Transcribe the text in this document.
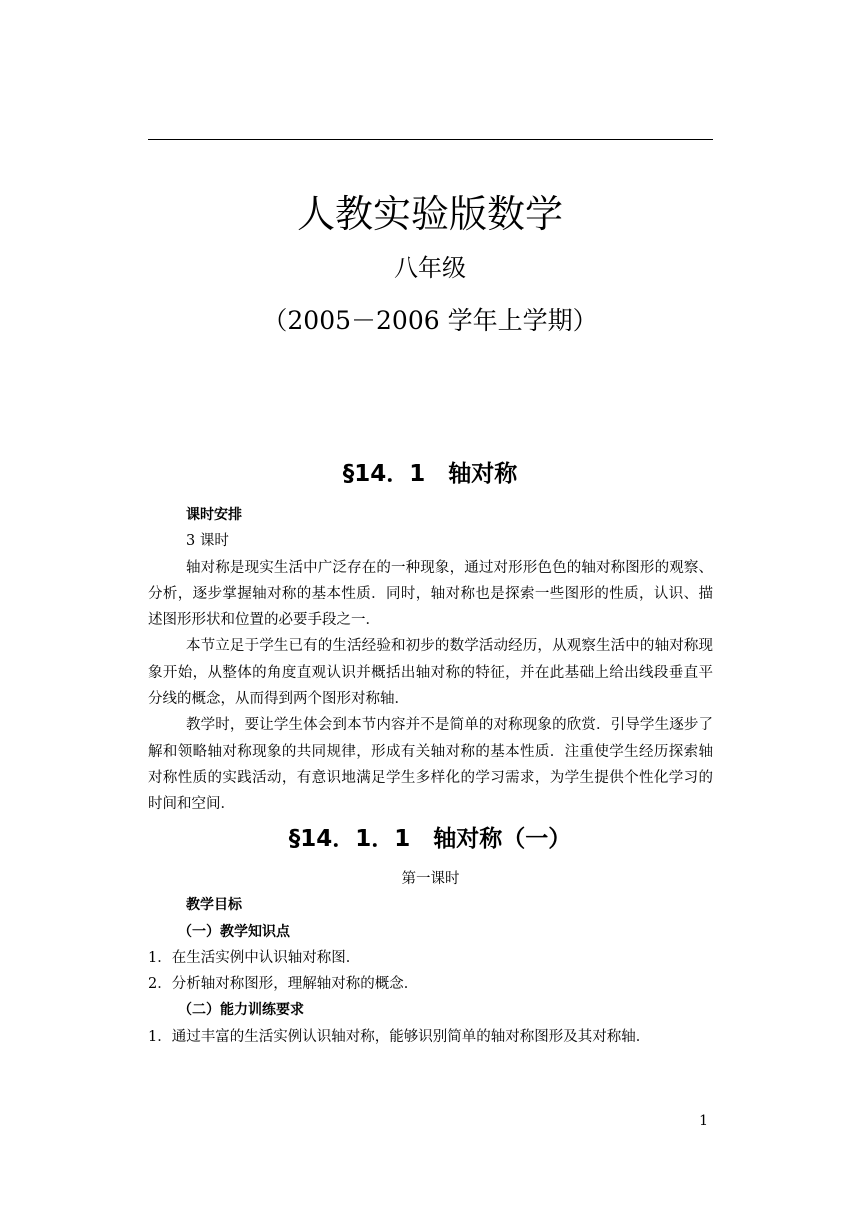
人教实验版数学
八年级
（2005－2006 学年上学期）
§14．1　轴对称

课时安排

3 课时

轴对称是现实生活中广泛存在的一种现象，通过对形形色色的轴对称图形的观察、分析，逐步掌握轴对称的基本性质．同时，轴对称也是探索一些图形的性质，认识、描述图形形状和位置的必要手段之一．

本节立足于学生已有的生活经验和初步的数学活动经历，从观察生活中的轴对称现象开始，从整体的角度直观认识并概括出轴对称的特征，并在此基础上给出线段垂直平分线的概念，从而得到两个图形对称轴．

教学时，要让学生体会到本节内容并不是简单的对称现象的欣赏．引导学生逐步了解和领略轴对称现象的共同规律，形成有关轴对称的基本性质．注重使学生经历探索轴对称性质的实践活动，有意识地满足学生多样化的学习需求，为学生提供个性化学习的时间和空间．

§14．1．1　轴对称（一）

第一课时

教学目标

（一）教学知识点

1．在生活实例中认识轴对称图．

2．分析轴对称图形，理解轴对称的概念．

（二）能力训练要求

1．通过丰富的生活实例认识轴对称，能够识别简单的轴对称图形及其对称轴．

1
